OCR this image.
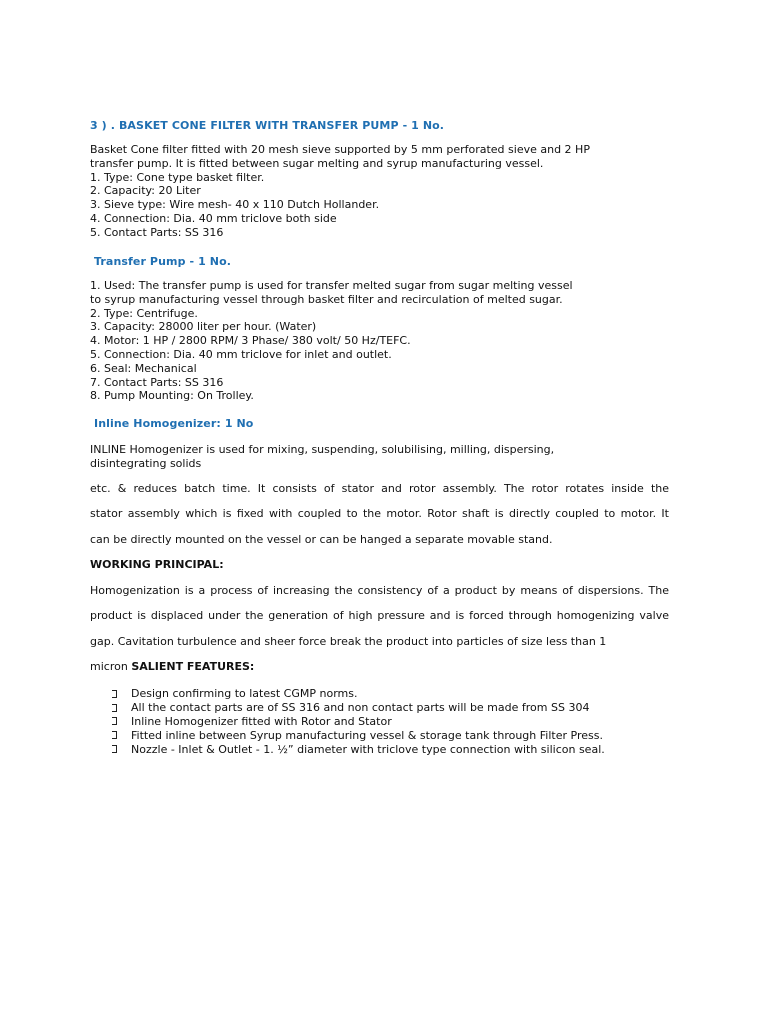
3 ) . BASKET CONE FILTER WITH TRANSFER PUMP - 1 No.
Basket Cone filter fitted with 20 mesh sieve supported by 5 mm perforated sieve and 2 HP
transfer pump. It is fitted between sugar melting and syrup manufacturing vessel.
1. Type: Cone type basket filter.
2. Capacity: 20 Liter
3. Sieve type: Wire mesh- 40 x 110 Dutch Hollander.
4. Connection: Dia. 40 mm triclove both side
5. Contact Parts: SS 316
Transfer Pump - 1 No.
1. Used: The transfer pump is used for transfer melted sugar from sugar melting vessel
to syrup manufacturing vessel through basket filter and recirculation of melted sugar.
2. Type: Centrifuge.
3. Capacity: 28000 liter per hour. (Water)
4. Motor: 1 HP / 2800 RPM/ 3 Phase/ 380 volt/ 50 Hz/TEFC.
5. Connection: Dia. 40 mm triclove for inlet and outlet.
6. Seal: Mechanical
7. Contact Parts: SS 316
8. Pump Mounting: On Trolley.
Inline Homogenizer: 1 No
INLINE Homogenizer is used for mixing, suspending, solubilising, milling, dispersing,
disintegrating solids
etc. & reduces batch time. It consists of stator and rotor assembly. The rotor rotates inside the
stator assembly which is fixed with coupled to the motor. Rotor shaft is directly coupled to motor. It
can be directly mounted on the vessel or can be hanged a separate movable stand.
WORKING PRINCIPAL:
Homogenization is a process of increasing the consistency of a product by means of dispersions. The
product is displaced under the generation of high pressure and is forced through homogenizing valve
gap. Cavitation turbulence and sheer force break the product into particles of size less than 1
micron SALIENT FEATURES:
Design confirming to latest CGMP norms.
All the contact parts are of SS 316 and non contact parts will be made from SS 304
Inline Homogenizer fitted with Rotor and Stator
Fitted inline between Syrup manufacturing vessel & storage tank through Filter Press.
Nozzle - Inlet & Outlet - 1. ½” diameter with triclove type connection with silicon seal.
